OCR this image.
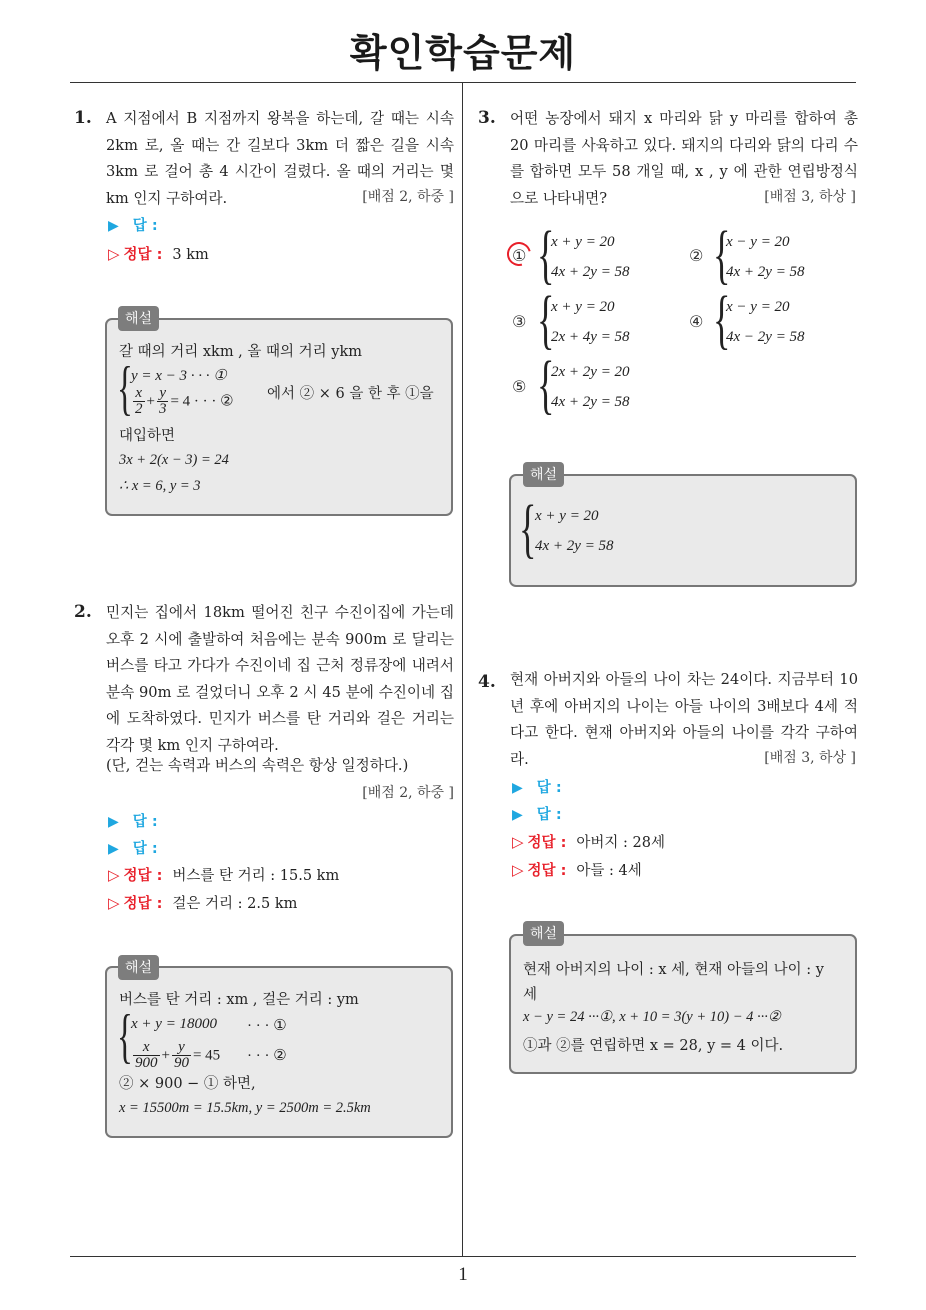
확인학습문제
1
1. A 지점에서 B 지점까지 왕복을 하는데, 갈 때는 시속 2km 로, 올 때는 간 길보다 3km 더 짧은 길을 시속 3km 로 걸어 총 4 시간이 걸렸다. 올 때의 거리는 몇 km 인지 구하여라.	[배점 2, 하중 ]
▶ 답 :
▷ 정답 : 3 km
갈 때의 거리 xkm , 올 때의 거리 ykm
{
y = x − 3 · · · ①
$\frac{x}{2} + \frac{y}{3} = 4$ · · · ② 에서 ② × 6 을 한 후 ①을
대입하면
3x + 2(x − 3) = 24
∴ x = 6, y = 3
해설
2. 민지는 집에서 18km 떨어진 친구 수진이집에 가는데 오후 2 시에 출발하여 처음에는 분속 900m 로 달리는 버스를 타고 가다가 수진이네 집 근처 정류장에 내려서 분속 90m 로 걸었더니 오후 2 시 45 분에 수진이네 집에 도착하였다. 민지가 버스를 탄 거리와 걸은 거리는 각각 몇 km 인지 구하여라.
(단, 걷는 속력과 버스의 속력은 항상 일정하다.)
[배점 2, 하중 ]
▶ 답 :
▶ 답 :
▷ 정답 : 버스를 탄 거리 : 15.5 km
▷ 정답 : 걸은 거리 : 2.5 km
버스를 탄 거리 : xm , 걸은 거리 : ym
{
x + y = 18000 · · · ①
$\frac{x}{900} + \frac{y}{90} = 45$ · · · ②
② × 900 − ① 하면,
x = 15500m = 15.5km, y = 2500m = 2.5km
해설
3. 어떤 농장에서 돼지 x 마리와 닭 y 마리를 합하여 총 20 마리를 사육하고 있다. 돼지의 다리와 닭의 다리 수를 합하면 모두 58 개일 때, x , y 에 관한 연립방정식으로 나타내면?	[배점 3, 하상 ]
① {
x + y = 20
4x + 2y = 58
② {
x − y = 20
4x + 2y = 58
③ {
x + y = 20
2x + 4y = 58
④ {
x − y = 20
4x − 2y = 58
⑤ {
2x + 2y = 20
4x + 2y = 58
{
x + y = 20
4x + 2y = 58
해설
4. 현재 아버지와 아들의 나이 차는 24이다. 지금부터 10 년 후에 아버지의 나이는 아들 나이의 3배보다 4세 적다고 한다. 현재 아버지와 아들의 나이를 각각 구하여라.	[배점 3, 하상 ]
▶ 답 :
▶ 답 :
▷ 정답 : 아버지 : 28세
▷ 정답 : 아들 : 4세
현재 아버지의 나이 : x 세, 현재 아들의 나이 : y
세
x − y = 24 ···①, x + 10 = 3(y + 10) − 4 ···②
①과 ②를 연립하면 x = 28, y = 4 이다.
해설
